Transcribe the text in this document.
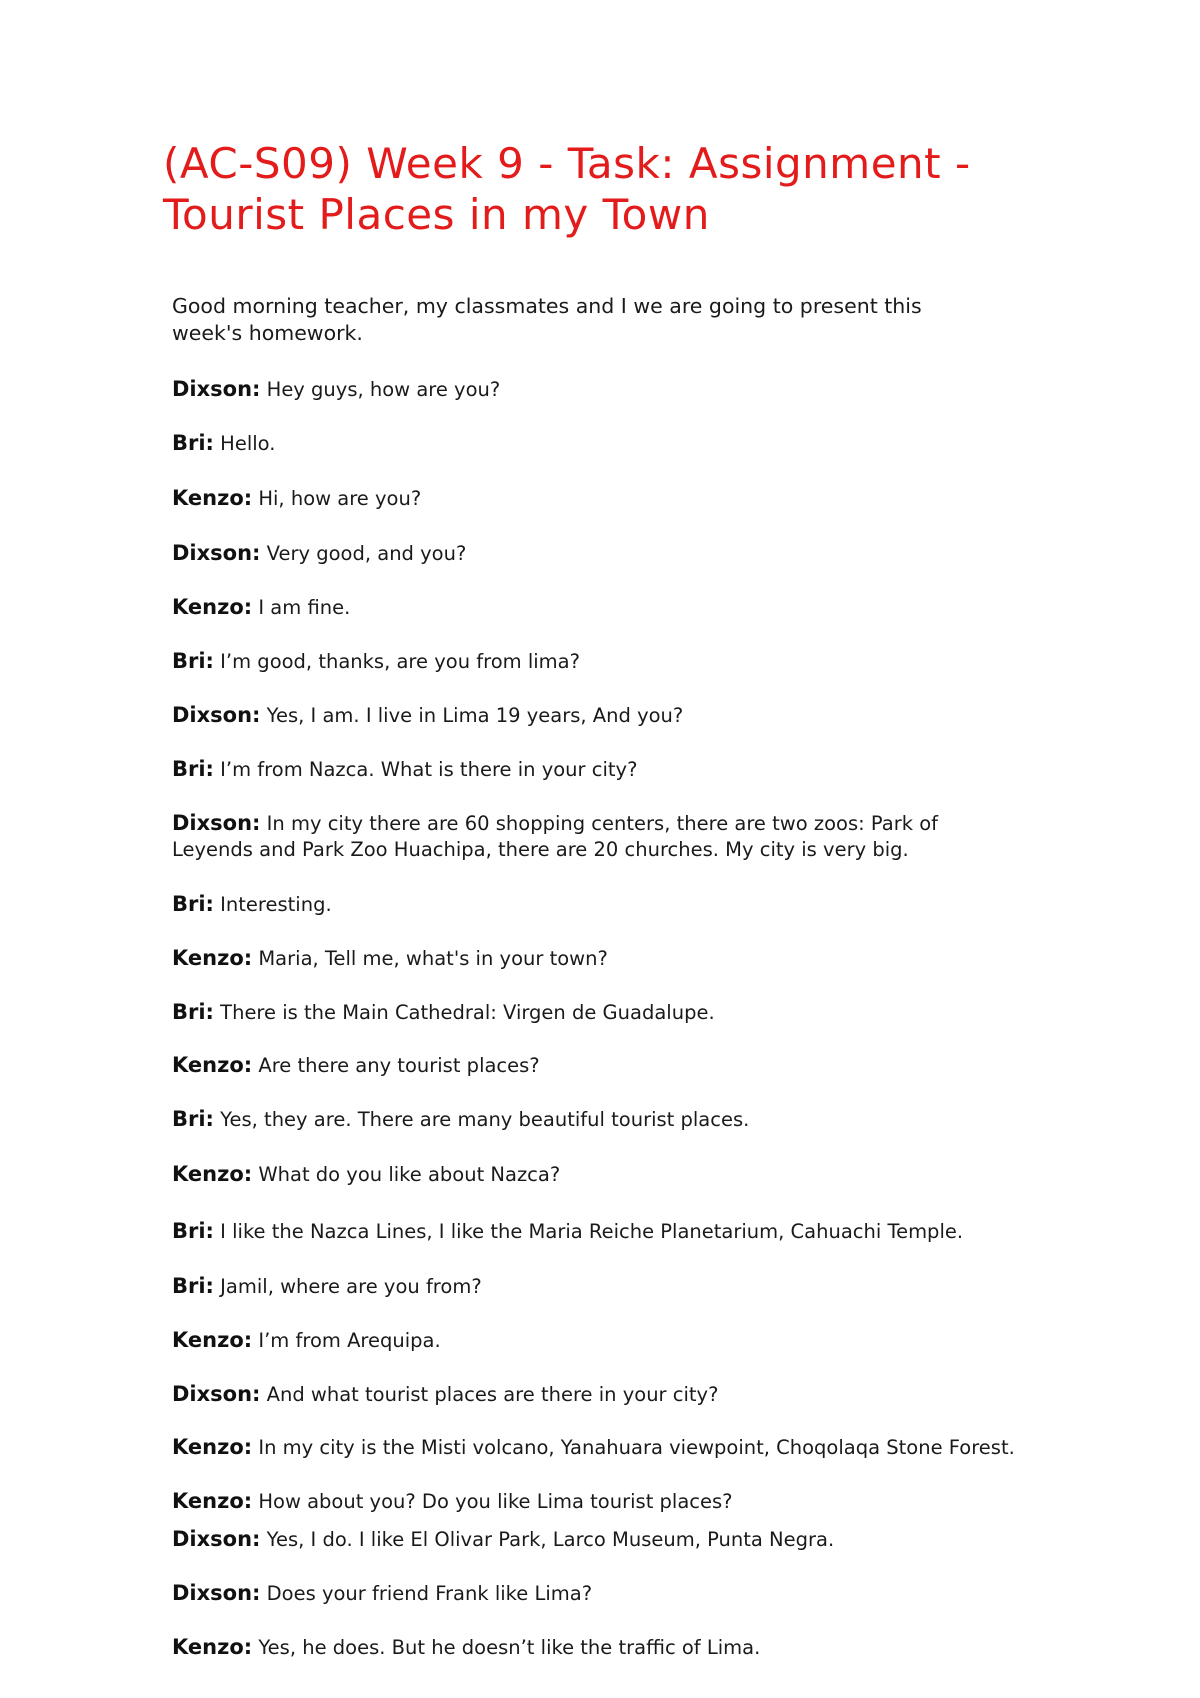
(AC-S09) Week 9 - Task: Assignment - Tourist Places in my Town

Good morning teacher, my classmates and I we are going to present this week's homework.

Dixson: Hey guys, how are you?

Bri: Hello.

Kenzo: Hi, how are you?

Dixson: Very good, and you?

Kenzo: I am fine.

Bri: I’m good, thanks, are you from lima?

Dixson: Yes, I am. I live in Lima 19 years, And you?

Bri: I’m from Nazca. What is there in your city?

Dixson: In my city there are 60 shopping centers, there are two zoos: Park of Leyends and Park Zoo Huachipa, there are 20 churches. My city is very big.

Bri: Interesting.

Kenzo: Maria, Tell me, what's in your town?

Bri: There is the Main Cathedral: Virgen de Guadalupe.

Kenzo: Are there any tourist places?

Bri: Yes, they are. There are many beautiful tourist places.

Kenzo: What do you like about Nazca?

Bri: I like the Nazca Lines, I like the Maria Reiche Planetarium, Cahuachi Temple.

Bri: Jamil, where are you from?

Kenzo: I’m from Arequipa.

Dixson: And what tourist places are there in your city?

Kenzo: In my city is the Misti volcano, Yanahuara viewpoint, Choqolaqa Stone Forest.

Kenzo: How about you? Do you like Lima tourist places?

Dixson: Yes, I do. I like El Olivar Park, Larco Museum, Punta Negra.

Dixson: Does your friend Frank like Lima?

Kenzo: Yes, he does. But he doesn’t like the traffic of Lima.
